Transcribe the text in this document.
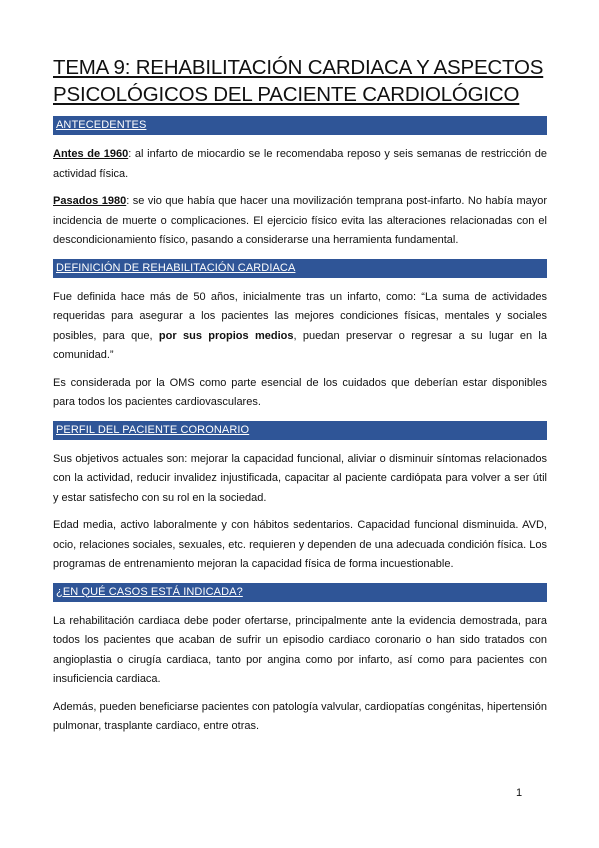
TEMA 9: REHABILITACIÓN CARDIACA Y ASPECTOS
PSICOLÓGICOS DEL PACIENTE CARDIOLÓGICO
ANTECEDENTES

Antes de 1960: al infarto de miocardio se le recomendaba reposo y seis semanas de restricción de actividad física.

Pasados 1980: se vio que había que hacer una movilización temprana post-infarto. No había mayor incidencia de muerte o complicaciones. El ejercicio físico evita las alteraciones relacionadas con el descondicionamiento físico, pasando a considerarse una herramienta fundamental.

DEFINICIÓN DE REHABILITACIÓN CARDIACA

Fue definida hace más de 50 años, inicialmente tras un infarto, como: “La suma de actividades requeridas para asegurar a los pacientes las mejores condiciones físicas, mentales y sociales posibles, para que, por sus propios medios, puedan preservar o regresar a su lugar en la comunidad.”

Es considerada por la OMS como parte esencial de los cuidados que deberían estar disponibles para todos los pacientes cardiovasculares.

PERFIL DEL PACIENTE CORONARIO

Sus objetivos actuales son: mejorar la capacidad funcional, aliviar o disminuir síntomas relacionados con la actividad, reducir invalidez injustificada, capacitar al paciente cardiópata para volver a ser útil y estar satisfecho con su rol en la sociedad.

Edad media, activo laboralmente y con hábitos sedentarios. Capacidad funcional disminuida. AVD, ocio, relaciones sociales, sexuales, etc. requieren y dependen de una adecuada condición física. Los programas de entrenamiento mejoran la capacidad física de forma incuestionable.

¿EN QUÉ CASOS ESTÁ INDICADA?

La rehabilitación cardiaca debe poder ofertarse, principalmente ante la evidencia demostrada, para todos los pacientes que acaban de sufrir un episodio cardiaco coronario o han sido tratados con angioplastia o cirugía cardiaca, tanto por angina como por infarto, así como para pacientes con insuficiencia cardiaca.

Además, pueden beneficiarse pacientes con patología valvular, cardiopatías congénitas, hipertensión pulmonar, trasplante cardiaco, entre otras.

1
